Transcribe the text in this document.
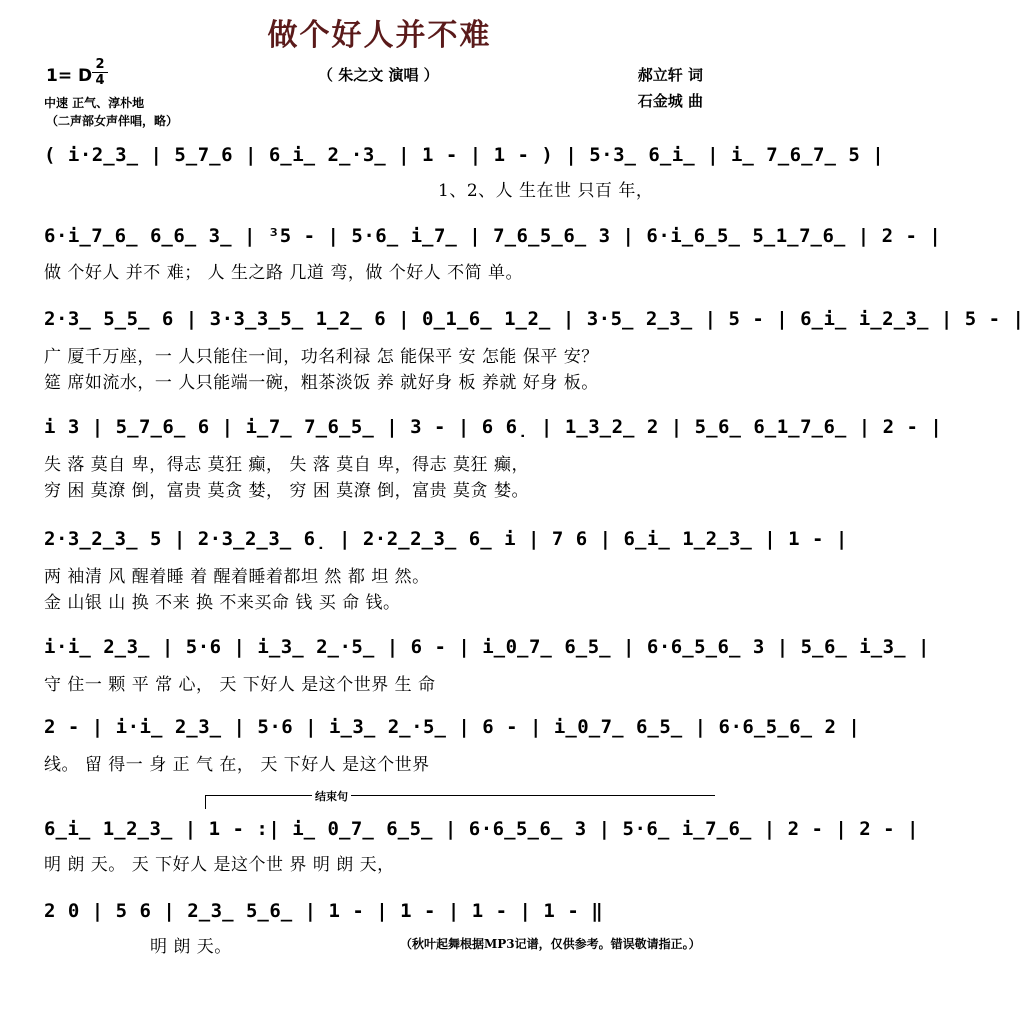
做个好人并不难
1= D
2
4	（ 朱之文 演唱 ）	郝立轩 词
石金城 曲
中速 正气、淳朴地
（二声部女声伴唱，略）
( i·2̲3̲ | 5̲7̲6 | 6̲i̲ 2̲·3̲ | 1 - | 1 - ) | 5·3̲ 6̲i̲ | i̲ 7̲6̲7̲ 5 |
1、2、人 生在世 只百 年，
6·i̲7̲6̲ 6̲6̲ 3̲ | ³5 - | 5·6̲ i̲7̲ | 7̲6̲5̲6̲ 3 | 6·i̲6̲5̲ 5̲1̲7̲6̲ | 2 - |
做 个好人 并不 难； 人 生之路 几道 弯，做 个好人 不简 单。
2·3̲ 5̲5̲ 6 | 3·3̲3̲5̲ 1̲2̲ 6 | 0̲1̲6̲ 1̲2̲ | 3·5̲ 2̲3̲ | 5 - | 6̲i̲ i̲2̲3̲ | 5 - |
广 厦千万座，一 人只能住一间，功名利禄 怎 能保平 安 怎能 保平 安？
筵 席如流水，一 人只能端一碗，粗茶淡饭 养 就好身 板 养就 好身 板。
i 3 | 5̲7̲6̲ 6 | i̲7̲ 7̲6̲5̲ | 3 - | 6 6̣ | 1̲3̲2̲ 2 | 5̲6̲ 6̲1̲7̲6̲ | 2 - |
失 落 莫自 卑，得志 莫狂 癫， 失 落 莫自 卑，得志 莫狂 癫，
穷 困 莫潦 倒，富贵 莫贪 婪， 穷 困 莫潦 倒，富贵 莫贪 婪。
2·3̲2̲3̲ 5 | 2·3̲2̲3̲ 6̣ | 2·2̲2̲3̲ 6̲ i | 7 6 | 6̲i̲ 1̲2̲3̲ | 1 - |
两 袖清 风 醒着睡 着 醒着睡着都坦 然 都 坦 然。
金 山银 山 换 不来 换 不来买命 钱 买 命 钱。
i·i̲ 2̲3̲ | 5·6 | i̲3̲ 2̲·5̲ | 6 - | i̲0̲7̲ 6̲5̲ | 6·6̲5̲6̲ 3 | 5̲6̲ i̲3̲ |
守 住一 颗 平 常 心， 天 下好人 是这个世界 生 命
2 - | i·i̲ 2̲3̲ | 5·6 | i̲3̲ 2̲·5̲ | 6 - | i̲0̲7̲ 6̲5̲ | 6·6̲5̲6̲ 2 |
线。 留 得一 身 正 气 在， 天 下好人 是这个世界
结束句
6̲i̲ 1̲2̲3̲ | 1 - :| i̲ 0̲7̲ 6̲5̲ | 6·6̲5̲6̲ 3 | 5·6̲ i̲7̲6̲ | 2 - | 2 - |
明 朗 天。 天 下好人 是这个世 界 明 朗 天，
2 0 | 5 6 | 2̲3̲ 5̲6̲ | 1 - | 1 - | 1 - | 1 - ‖
明 朗 天。	（秋叶起舞根据MP3记谱，仅供参考。错误敬请指正。）
